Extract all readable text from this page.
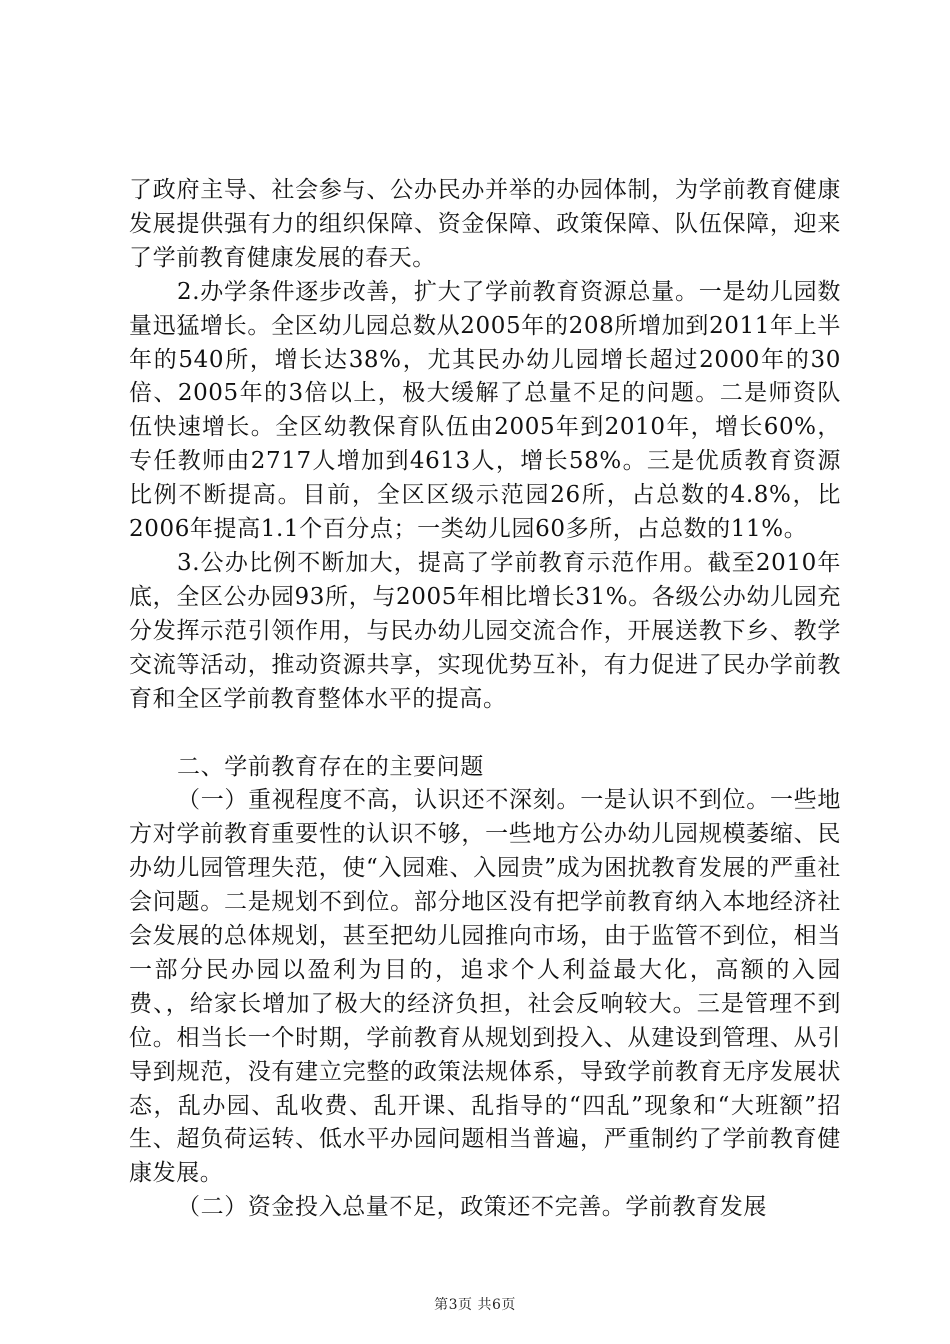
了政府主导、社会参与、公办民办并举的办园体制，为学前教育健康发展提供强有力的组织保障、资金保障、政策保障、队伍保障，迎来了学前教育健康发展的春天。

2.办学条件逐步改善，扩大了学前教育资源总量。一是幼儿园数量迅猛增长。全区幼儿园总数从2005年的208所增加到2011年上半年的540所，增长达38%，尤其民办幼儿园增长超过2000年的30倍、2005年的3倍以上，极大缓解了总量不足的问题。二是师资队伍快速增长。全区幼教保育队伍由2005年到2010年，增长60%，专任教师由2717人增加到4613人，增长58%。三是优质教育资源比例不断提高。目前，全区区级示范园26所，占总数的4.8%，比2006年提高1.1个百分点；一类幼儿园60多所，占总数的11%。

3.公办比例不断加大，提高了学前教育示范作用。截至2010年底，全区公办园93所，与2005年相比增长31%。各级公办幼儿园充分发挥示范引领作用，与民办幼儿园交流合作，开展送教下乡、教学交流等活动，推动资源共享，实现优势互补，有力促进了民办学前教育和全区学前教育整体水平的提高。

二、学前教育存在的主要问题

（一）重视程度不高，认识还不深刻。一是认识不到位。一些地方对学前教育重要性的认识不够，一些地方公办幼儿园规模萎缩、民办幼儿园管理失范，使“入园难、入园贵”成为困扰教育发展的严重社会问题。二是规划不到位。部分地区没有把学前教育纳入本地经济社会发展的总体规划，甚至把幼儿园推向市场，由于监管不到位，相当一部分民办园以盈利为目的，追求个人利益最大化，高额的入园费、，给家长增加了极大的经济负担，社会反响较大。三是管理不到位。相当长一个时期，学前教育从规划到投入、从建设到管理、从引导到规范，没有建立完整的政策法规体系，导致学前教育无序发展状态，乱办园、乱收费、乱开课、乱指导的“四乱”现象和“大班额”招生、超负荷运转、低水平办园问题相当普遍，严重制约了学前教育健康发展。

（二）资金投入总量不足，政策还不完善。学前教育发展

第3页 共6页
